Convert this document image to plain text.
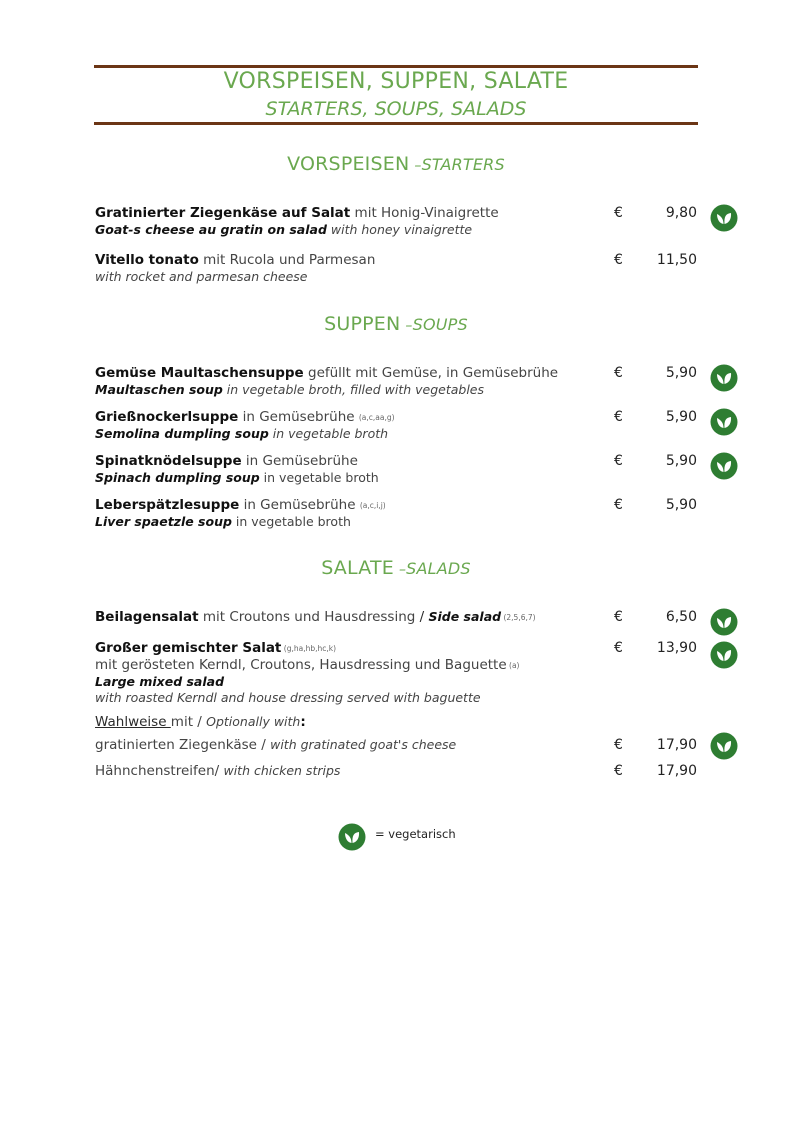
VORSPEISEN, SUPPEN, SALATE
STARTERS, SOUPS, SALADS
VORSPEISEN –STARTERS
Gratinierter Ziegenkäse auf Salat mit Honig-Vinaigrette
Goat-s cheese au gratin on salad with honey vinaigrette
€	9,80
Vitello tonato mit Rucola und Parmesan
with rocket and parmesan cheese
€ 11,50
SUPPEN –SOUPS
Gemüse Maultaschensuppe gefüllt mit Gemüse, in Gemüsebrühe
Maultaschen soup in vegetable broth, filled with vegetables
€	5,90
Grießnockerlsuppe in Gemüsebrühe (a,c,aa,g)
Semolina dumpling soup in vegetable broth
€	5,90
Spinatknödelsuppe in Gemüsebrühe
Spinach dumpling soup in vegetable broth
€	5,90
Leberspätzlesuppe in Gemüsebrühe (a,c,i,j)
Liver spaetzle soup in vegetable broth
€	5,90
SALATE –SALADS
Beilagensalat mit Croutons und Hausdressing / Side salad (2,5,6,7)	€	6,50
Großer gemischter Salat (g,ha,hb,hc,k)
mit gerösteten Kerndl, Croutons, Hausdressing und Baguette (a)
Large mixed salad
with roasted Kerndl and house dressing served with baguette
€ 13,90
Wahlweise mit / Optionally with:
gratinierten Ziegenkäse / with gratinated goat's cheese	€ 17,90
Hähnchenstreifen/ with chicken strips	€ 17,90
= vegetarisch
